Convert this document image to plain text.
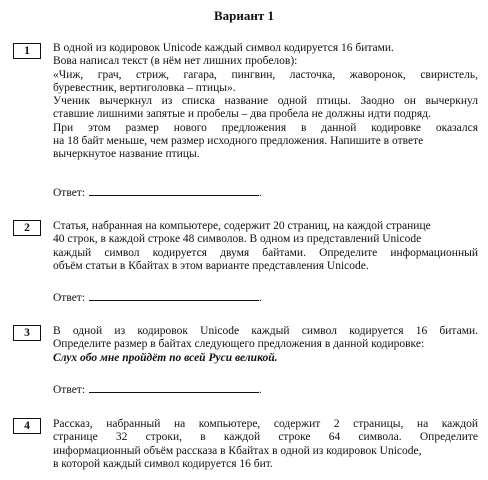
Вариант 1
1	В одной из кодировок Unicode каждый символ кодируется 16 битами.
Вова написал текст (в нём нет лишних пробелов):
«Чиж, грач, стриж, гагара, пингвин, ласточка, жаворонок, свиристель,
буревестник, вертиголовка – птицы».
Ученик вычеркнул из списка название одной птицы. Заодно он вычеркнул
ставшие лишними запятые и пробелы – два пробела не должны идти подряд.
При этом размер нового предложения в данной кодировке оказался
на 18 байт меньше, чем размер исходного предложения. Напишите в ответе
вычеркнутое название птицы.
Ответ:	.
2	Статья, набранная на компьютере, содержит 20 страниц, на каждой странице
40 строк, в каждой строке 48 символов. В одном из представлений Unicode
каждый символ кодируется двумя байтами. Определите информационный
объём статьи в Кбайтах в этом варианте представления Unicode.
Ответ:	.
3	В одной из кодировок Unicode каждый символ кодируется 16 битами.
Определите размер в байтах следующего предложения в данной кодировке:
Слух обо мне пройдёт по всей Руси великой.
Ответ:	.
4	Рассказ, набранный на компьютере, содержит 2 страницы, на каждой
странице 32 строки, в каждой строке 64 символа. Определите
информационный объём рассказа в Кбайтах в одной из кодировок Unicode,
в которой каждый символ кодируется 16 бит.
